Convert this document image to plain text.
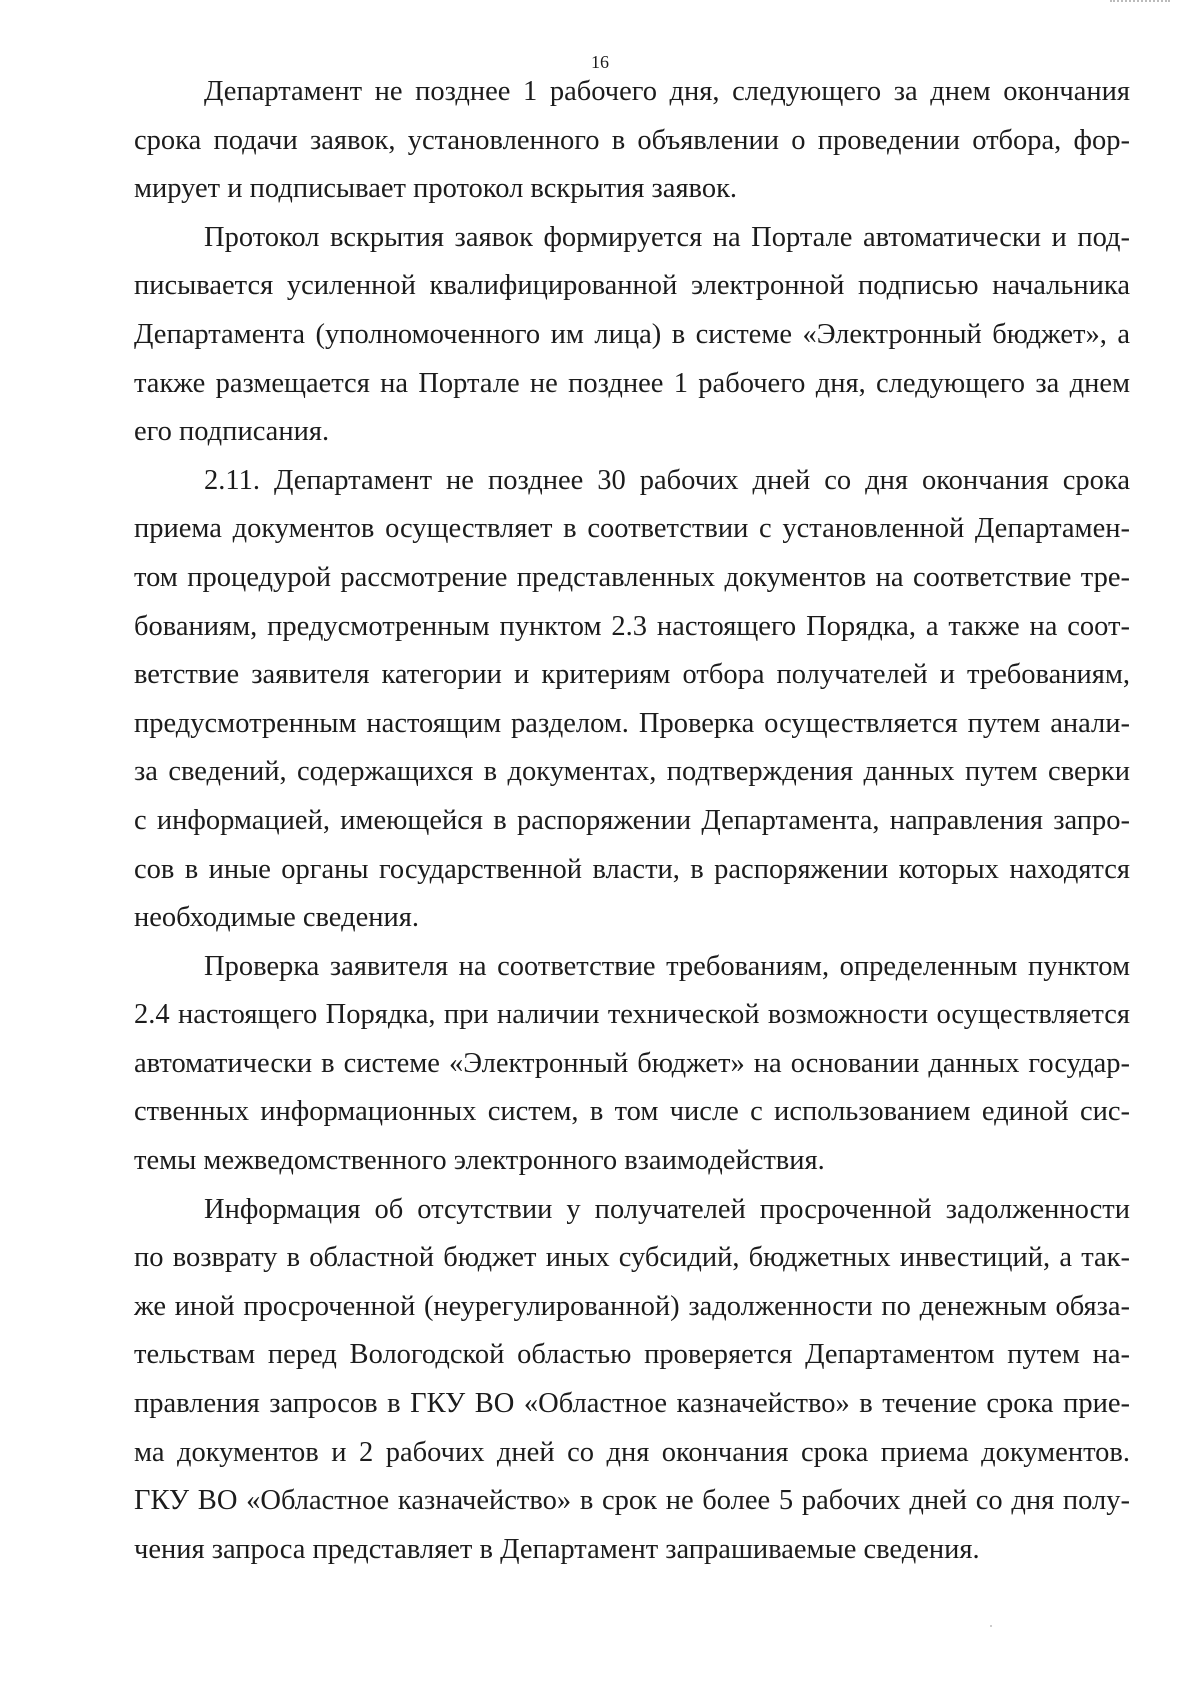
16
Департамент не позднее 1 рабочего дня, следующего за днем окончания
срока подачи заявок, установленного в объявлении о проведении отбора, фор-
мирует и подписывает протокол вскрытия заявок.
Протокол вскрытия заявок формируется на Портале автоматически и под-
писывается усиленной квалифицированной электронной подписью начальника
Департамента (уполномоченного им лица) в системе «Электронный бюджет», а
также размещается на Портале не позднее 1 рабочего дня, следующего за днем
его подписания.
2.11. Департамент не позднее 30 рабочих дней со дня окончания срока
приема документов осуществляет в соответствии с установленной Департамен-
том процедурой рассмотрение представленных документов на соответствие тре-
бованиям, предусмотренным пунктом 2.3 настоящего Порядка, а также на соот-
ветствие заявителя категории и критериям отбора получателей и требованиям,
предусмотренным настоящим разделом. Проверка осуществляется путем анали-
за сведений, содержащихся в документах, подтверждения данных путем сверки
с информацией, имеющейся в распоряжении Департамента, направления запро-
сов в иные органы государственной власти, в распоряжении которых находятся
необходимые сведения.
Проверка заявителя на соответствие требованиям, определенным пунктом
2.4 настоящего Порядка, при наличии технической возможности осуществляется
автоматически в системе «Электронный бюджет» на основании данных государ-
ственных информационных систем, в том числе с использованием единой сис-
темы межведомственного электронного взаимодействия.
Информация об отсутствии у получателей просроченной задолженности
по возврату в областной бюджет иных субсидий, бюджетных инвестиций, а так-
же иной просроченной (неурегулированной) задолженности по денежным обяза-
тельствам перед Вологодской областью проверяется Департаментом путем на-
правления запросов в ГКУ ВО «Областное казначейство» в течение срока прие-
ма документов и 2 рабочих дней со дня окончания срока приема документов.
ГКУ ВО «Областное казначейство» в срок не более 5 рабочих дней со дня полу-
чения запроса представляет в Департамент запрашиваемые сведения.
